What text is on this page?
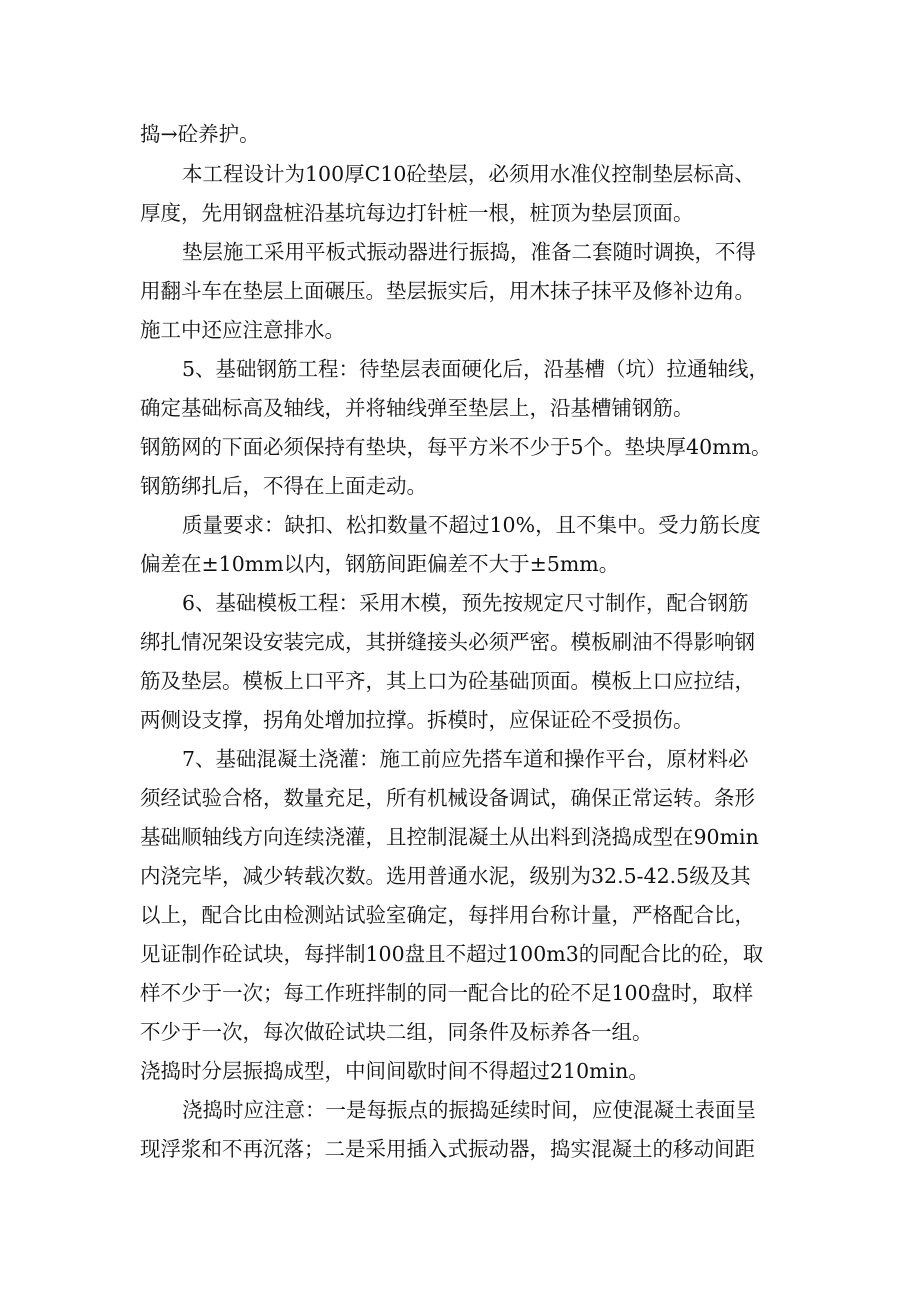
捣→砼养护。
本工程设计为100厚C10砼垫层，必须用水准仪控制垫层标高、
厚度，先用钢盘桩沿基坑每边打针桩一根，桩顶为垫层顶面。
垫层施工采用平板式振动器进行振捣，准备二套随时调换，不得
用翻斗车在垫层上面碾压。垫层振实后，用木抹子抹平及修补边角。
施工中还应注意排水。
5、基础钢筋工程：待垫层表面硬化后，沿基槽（坑）拉通轴线，
确定基础标高及轴线，并将轴线弹至垫层上，沿基槽铺钢筋。
钢筋网的下面必须保持有垫块，每平方米不少于5个。垫块厚40mm。
钢筋绑扎后，不得在上面走动。
质量要求：缺扣、松扣数量不超过10%，且不集中。受力筋长度
偏差在±10mm以内，钢筋间距偏差不大于±5mm。
6、基础模板工程：采用木模，预先按规定尺寸制作，配合钢筋
绑扎情况架设安装完成，其拼缝接头必须严密。模板刷油不得影响钢
筋及垫层。模板上口平齐，其上口为砼基础顶面。模板上口应拉结，
两侧设支撑，拐角处增加拉撑。拆模时，应保证砼不受损伤。
7、基础混凝土浇灌：施工前应先搭车道和操作平台，原材料必
须经试验合格，数量充足，所有机械设备调试，确保正常运转。条形
基础顺轴线方向连续浇灌，且控制混凝土从出料到浇捣成型在90min
内浇完毕，减少转载次数。选用普通水泥，级别为32.5-42.5级及其
以上，配合比由检测站试验室确定，每拌用台称计量，严格配合比，
见证制作砼试块，每拌制100盘且不超过100m3的同配合比的砼，取
样不少于一次；每工作班拌制的同一配合比的砼不足100盘时，取样
不少于一次，每次做砼试块二组，同条件及标养各一组。
浇捣时分层振捣成型，中间间歇时间不得超过210min。
浇捣时应注意：一是每振点的振捣延续时间，应使混凝土表面呈
现浮浆和不再沉落；二是采用插入式振动器，捣实混凝土的移动间距
